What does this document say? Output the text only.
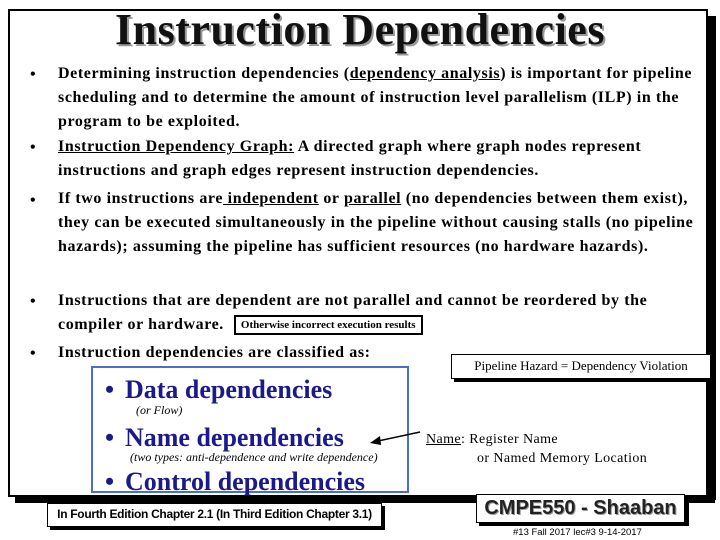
Instruction Dependencies
• Determining instruction dependencies (dependency analysis) is important for pipeline scheduling and to determine the amount of instruction level parallelism (ILP) in the program to be exploited.
• Instruction Dependency Graph: A directed graph where graph nodes represent instructions and graph edges represent instruction dependencies.
• If two instructions are independent or parallel (no dependencies between them exist), they can be executed simultaneously in the pipeline without causing stalls (no pipeline hazards); assuming the pipeline has sufficient resources (no hardware hazards).
• Instructions that are dependent are not parallel and cannot be reordered by the compiler or hardware. Otherwise incorrect execution results
• Instruction dependencies are classified as:
• Data dependencies
(or Flow)
• Name dependencies
(two types: anti-dependence and write dependence)
• Control dependencies
Pipeline Hazard = Dependency Violation
Name: Register Name
or Named Memory Location
In Fourth Edition Chapter 2.1 (In Third Edition Chapter 3.1)	CMPE550 - Shaaban
#13 Fall 2017 lec#3 9-14-2017
